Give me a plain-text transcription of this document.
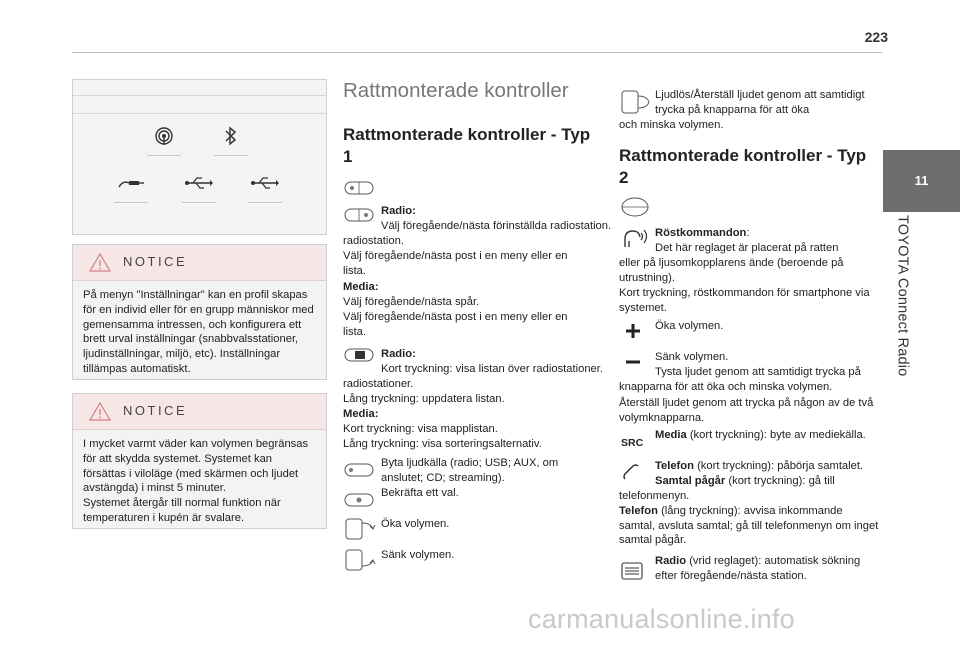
223
11
TOYOTA Connect Radio
NOTICE
På menyn "Inställningar" kan en profil skapas för en individ eller för en grupp människor med gemensamma intressen, och konfigurera ett brett urval inställningar (snabbvalsstationer, ljudinställningar, miljö, etc). Inställningar tillämpas automatiskt.
NOTICE
I mycket varmt väder kan volymen begränsas för att skydda systemet. Systemet kan försättas i viloläge (med skärmen och ljudet avstängda) i minst 5 minuter.
Systemet återgår till normal funktion när temperaturen i kupén är svalare.
Rattmonterade kontroller
Rattmonterade kontroller - Typ 1
Radio:
Välj föregående/nästa förinställda radiostation.
radiostation.
Välj föregående/nästa post i en meny eller en lista.
Media:
Välj föregående/nästa spår.
Välj föregående/nästa post i en meny eller en lista.
Radio:
Kort tryckning: visa listan över radiostationer.
radiostationer.
Lång tryckning: uppdatera listan.
Media:
Kort tryckning: visa mapplistan.
Lång tryckning: visa sorteringsalternativ.
Byta ljudkälla (radio; USB; AUX, om anslutet; CD; streaming).
Bekräfta ett val.
Öka volymen.
Sänk volymen.
Ljudlös/Återställ ljudet genom att samtidigt trycka på knapparna för att öka
och minska volymen.
Rattmonterade kontroller - Typ 2
Röstkommandon:
Det här reglaget är placerat på ratten
eller på ljusomkopplarens ände (beroende på utrustning).
Kort tryckning, röstkommandon för smartphone via systemet.
Öka volymen.
Sänk volymen.
Tysta ljudet genom att samtidigt trycka på
knapparna för att öka och minska volymen.
Återställ ljudet genom att trycka på någon av de två volymknapparna.
SRC
Media (kort tryckning): byte av mediekälla.
Telefon (kort tryckning): påbörja samtalet.
Samtal pågår (kort tryckning): gå till
telefonmenyn.
Telefon (lång tryckning): avvisa inkommande samtal, avsluta samtal; gå till telefonmenyn om inget samtal pågår.
Radio (vrid reglaget): automatisk sökning efter föregående/nästa station.
carmanualsonline.info
